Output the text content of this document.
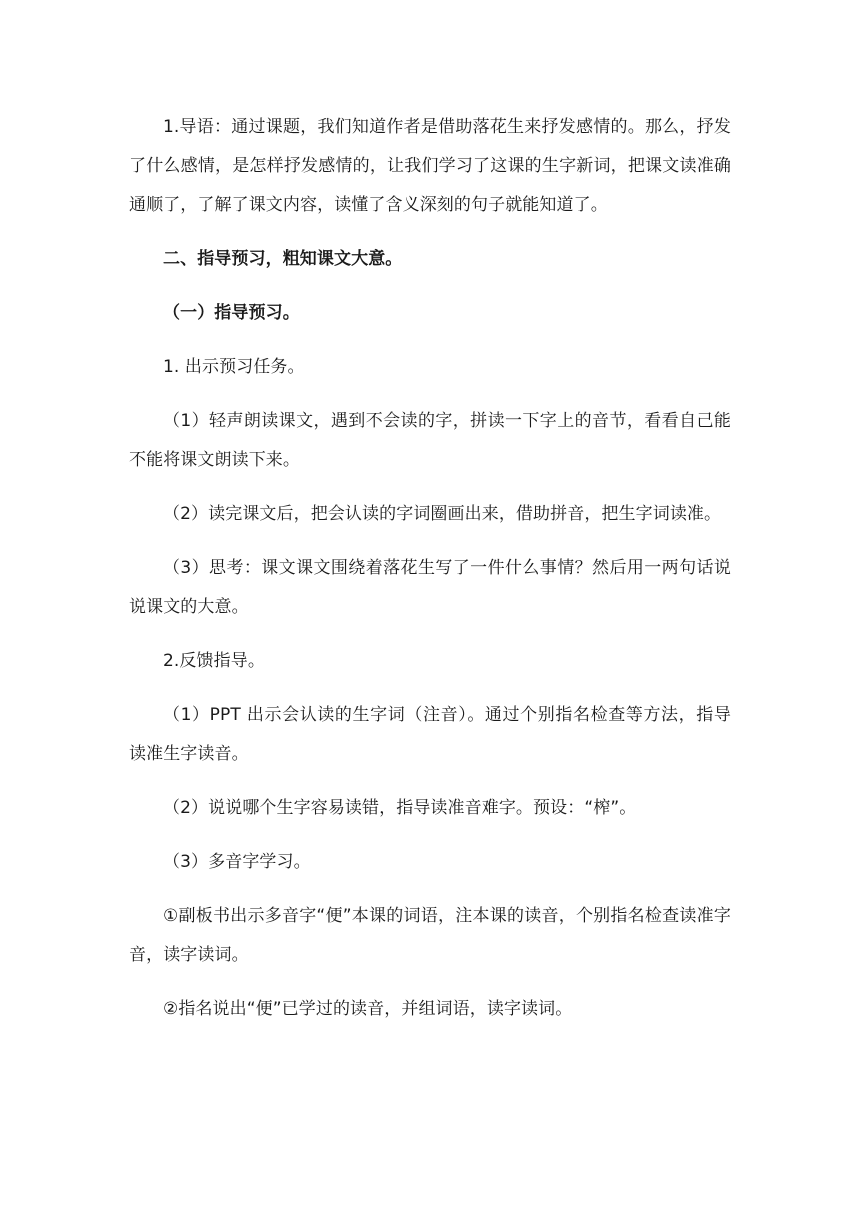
1.导语：通过课题，我们知道作者是借助落花生来抒发感情的。那么，抒发了什么感情，是怎样抒发感情的，让我们学习了这课的生字新词，把课文读准确通顺了，了解了课文内容，读懂了含义深刻的句子就能知道了。

二、指导预习，粗知课文大意。

（一）指导预习。

1. 出示预习任务。

（1）轻声朗读课文，遇到不会读的字，拼读一下字上的音节，看看自己能不能将课文朗读下来。

（2）读完课文后，把会认读的字词圈画出来，借助拼音，把生字词读准。

（3）思考：课文课文围绕着落花生写了一件什么事情？然后用一两句话说说课文的大意。

2.反馈指导。

（1）PPT 出示会认读的生字词（注音）。通过个别指名检查等方法，指导读准生字读音。

（2）说说哪个生字容易读错，指导读准音难字。预设：“榨”。

（3）多音字学习。

①副板书出示多音字“便”本课的词语，注本课的读音，个别指名检查读准字音，读字读词。

②指名说出“便”已学过的读音，并组词语，读字读词。
